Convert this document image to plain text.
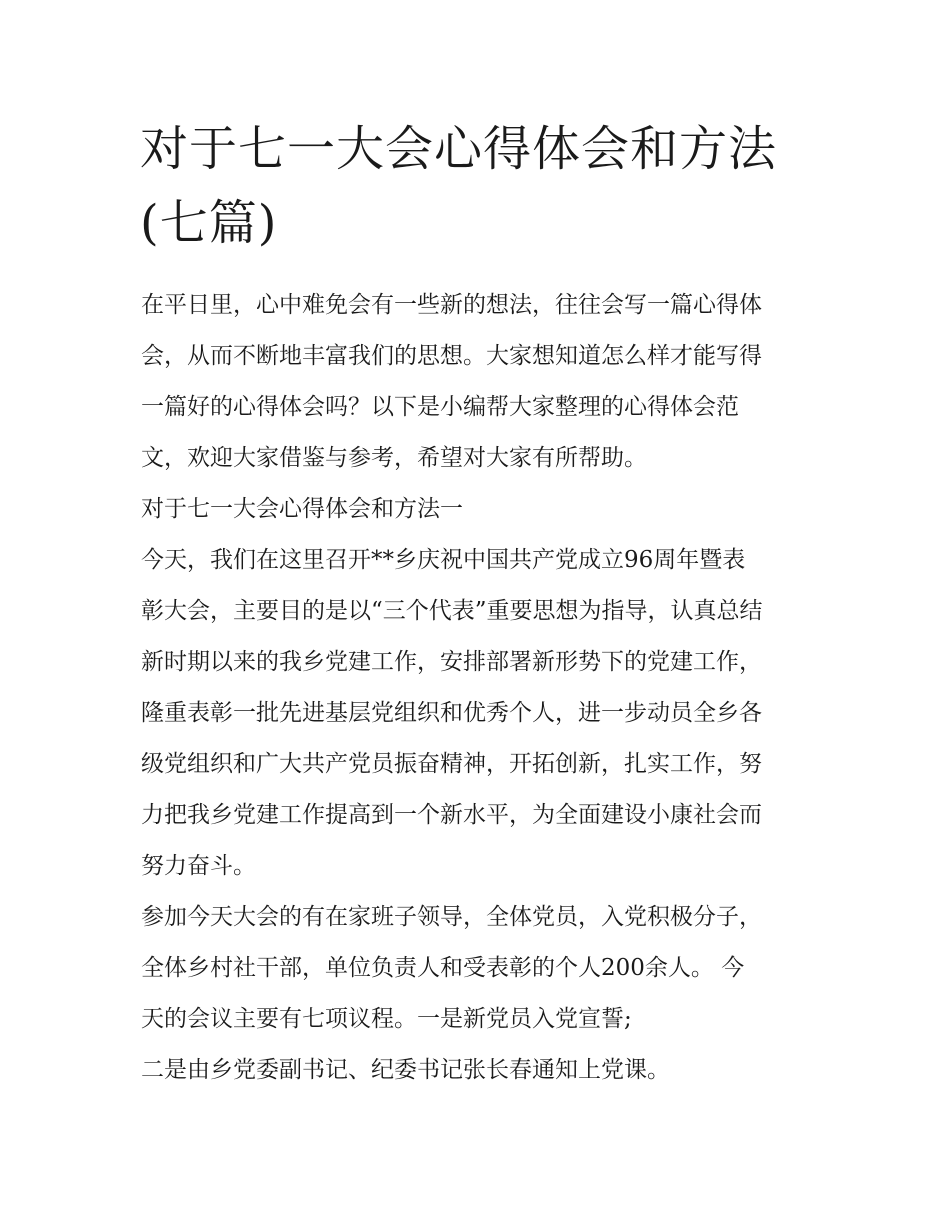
对于七一大会心得体会和方法
(七篇)
在平日里，心中难免会有一些新的想法，往往会写一篇心得体
会，从而不断地丰富我们的思想。大家想知道怎么样才能写得
一篇好的心得体会吗？以下是小编帮大家整理的心得体会范
文，欢迎大家借鉴与参考，希望对大家有所帮助。
对于七一大会心得体会和方法一
今天，我们在这里召开**乡庆祝中国共产党成立96周年暨表
彰大会，主要目的是以“三个代表”重要思想为指导，认真总结
新时期以来的我乡党建工作，安排部署新形势下的党建工作，
隆重表彰一批先进基层党组织和优秀个人，进一步动员全乡各
级党组织和广大共产党员振奋精神，开拓创新，扎实工作，努
力把我乡党建工作提高到一个新水平，为全面建设小康社会而
努力奋斗。
参加今天大会的有在家班子领导，全体党员，入党积极分子，
全体乡村社干部，单位负责人和受表彰的个人200余人。 今
天的会议主要有七项议程。一是新党员入党宣誓;
二是由乡党委副书记、纪委书记张长春通知上党课。
